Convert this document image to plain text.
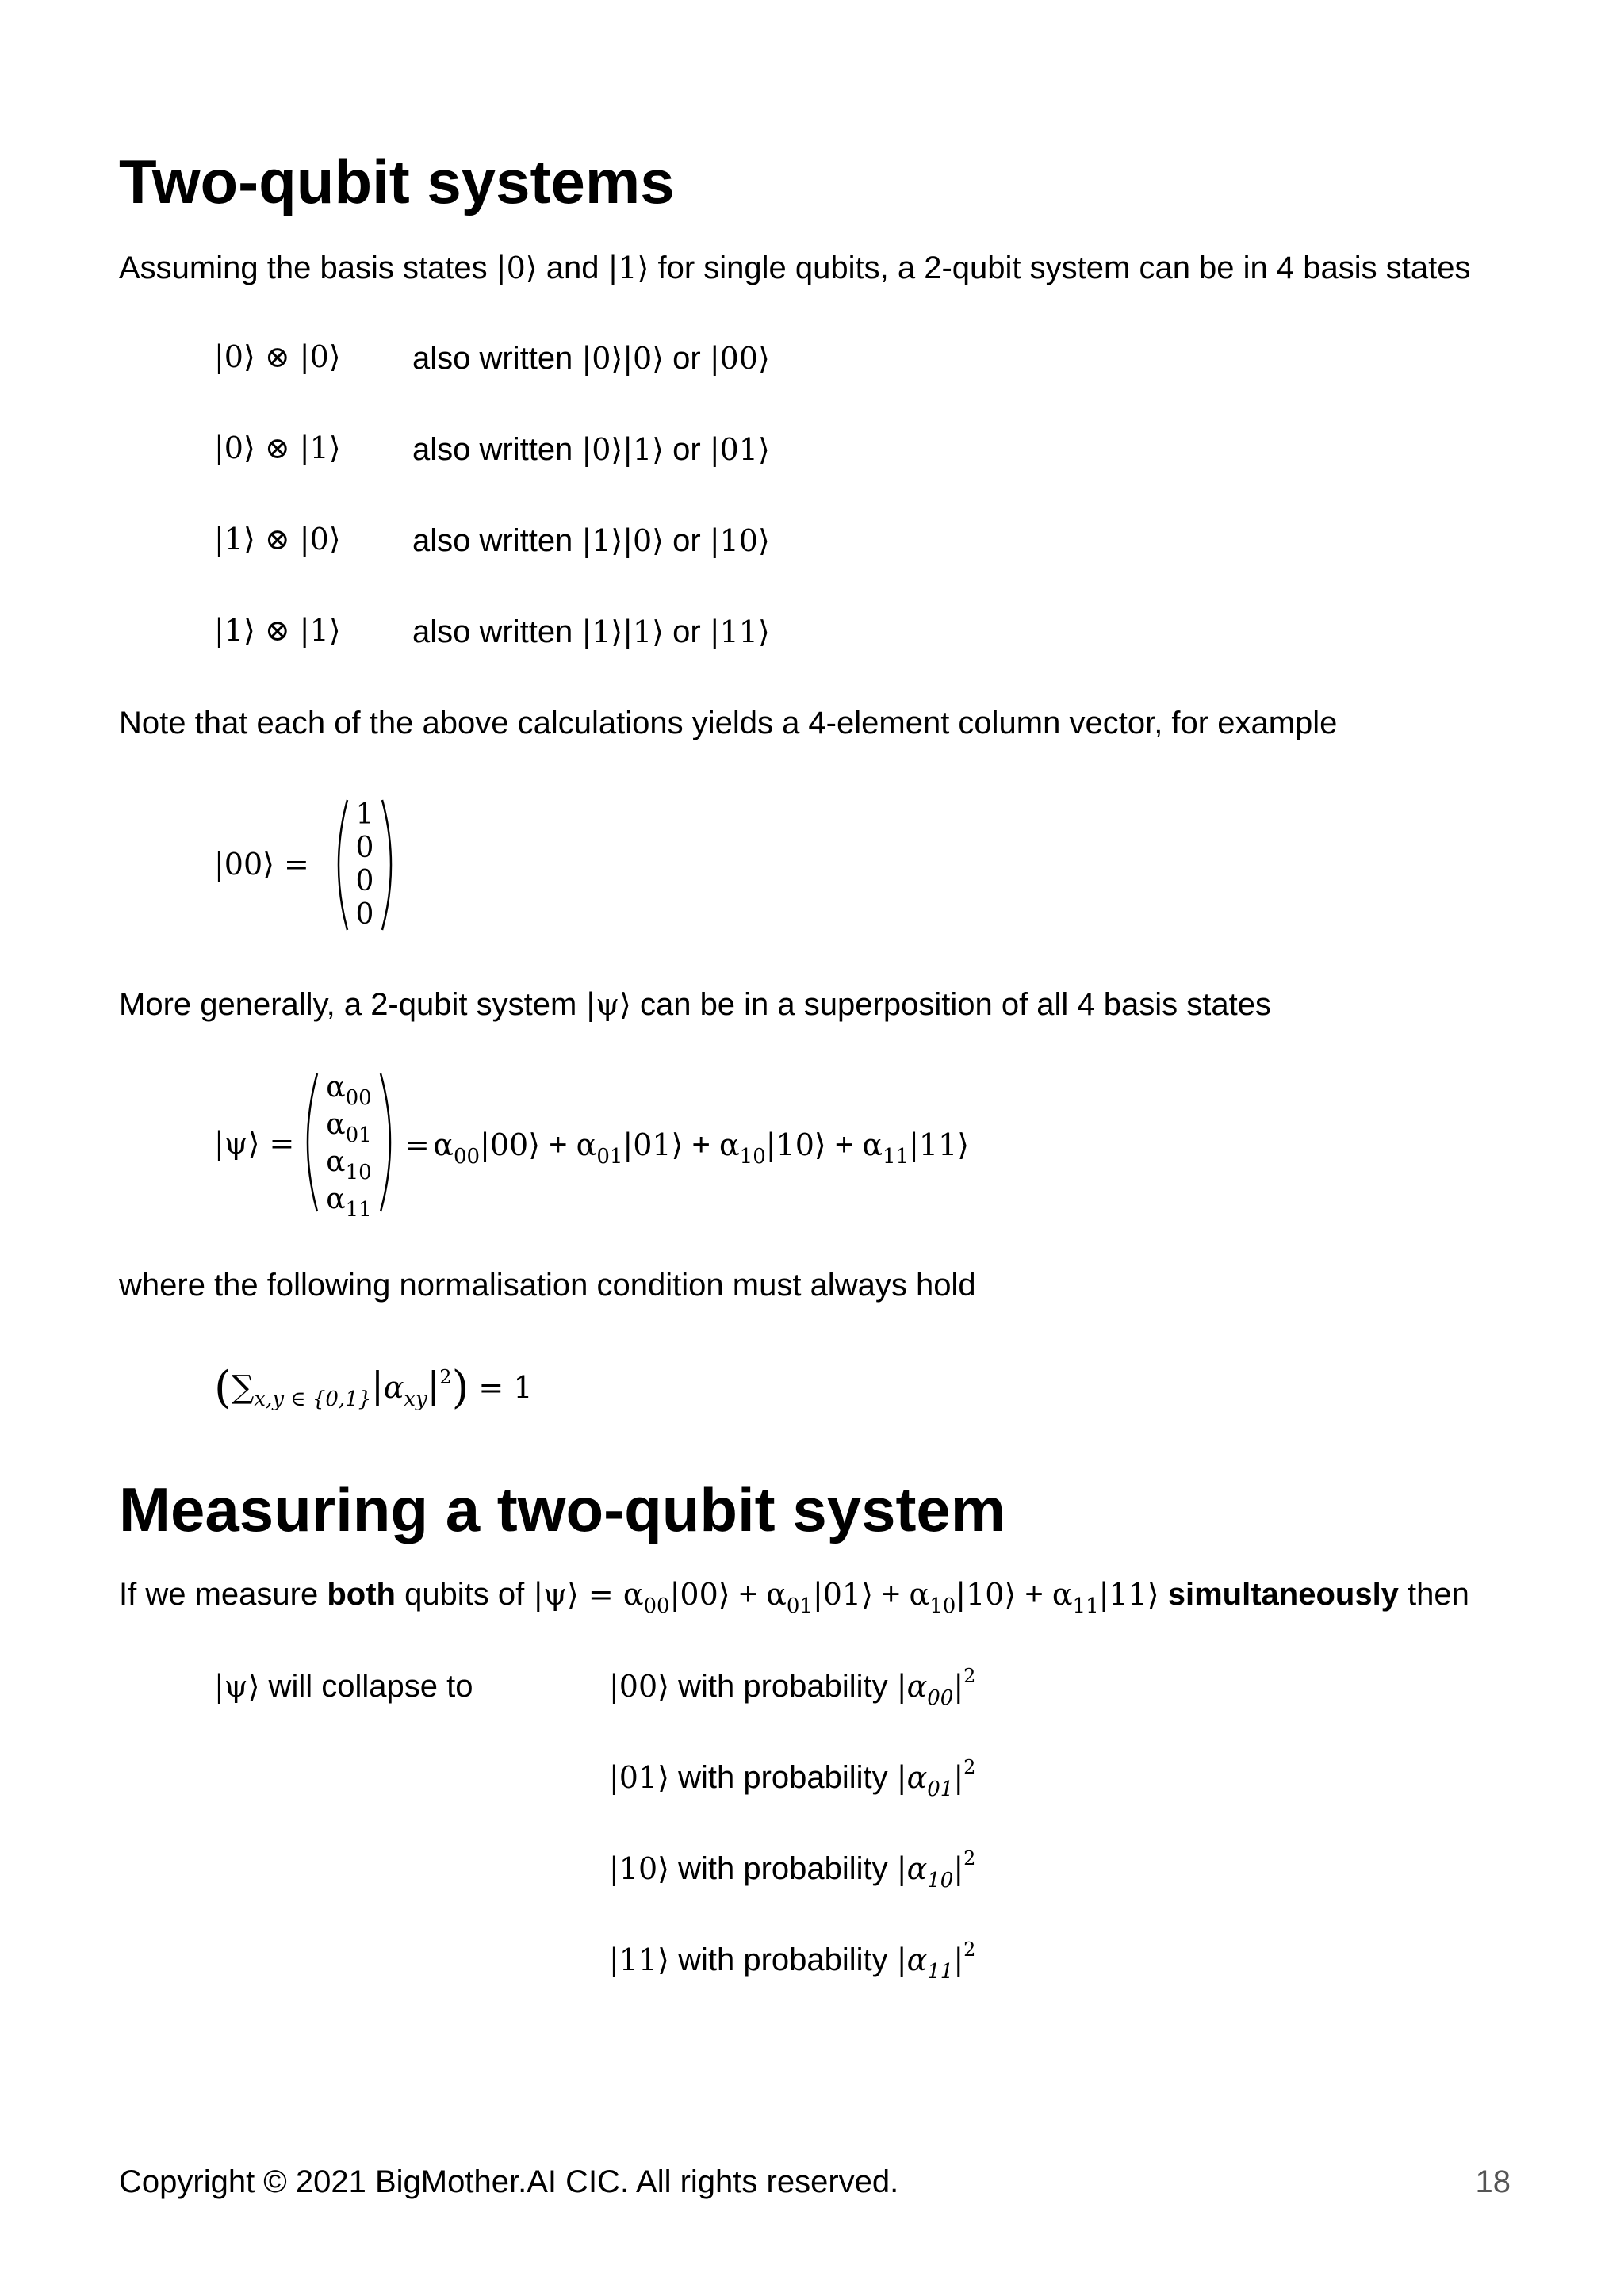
Two-qubit systems
Assuming the basis states |0⟩ and |1⟩ for single qubits, a 2-qubit system can be in 4 basis states
|0⟩ ⊗ |0⟩ also written |0⟩|0⟩ or |00⟩
|0⟩ ⊗ |1⟩ also written |0⟩|1⟩ or |01⟩
|1⟩ ⊗ |0⟩ also written |1⟩|0⟩ or |10⟩
|1⟩ ⊗ |1⟩ also written |1⟩|1⟩ or |11⟩
Note that each of the above calculations yields a 4-element column vector, for example
|00⟩ =
1
0
0
0
More generally, a 2-qubit system |ψ⟩ can be in a superposition of all 4 basis states
|ψ⟩ =
$\alpha_{00}$
$\alpha_{01}$
$\alpha_{10}$
$\alpha_{11}$
= α00|00⟩ + α01|01⟩ + α10|10⟩ + α11|11⟩
where the following normalisation condition must always hold
(∑x,y ∈ {0,1}|αxy|2) = 1
Measuring a two-qubit system
If we measure both qubits of |ψ⟩ = $\alpha_{00}|00⟩$ + $\alpha_{01}|01⟩$ + $\alpha_{10}|10⟩$ + $\alpha_{11}|11⟩$ simultaneously then
|ψ⟩ will collapse to	|00⟩ with probability $|\alpha_{00}|^2$
|01⟩ with probability $|\alpha_{01}|^2$
|10⟩ with probability $|\alpha_{10}|^2$
|11⟩ with probability $|\alpha_{11}|^2$
Copyright © 2021 BigMother.AI CIC. All rights reserved.	18
